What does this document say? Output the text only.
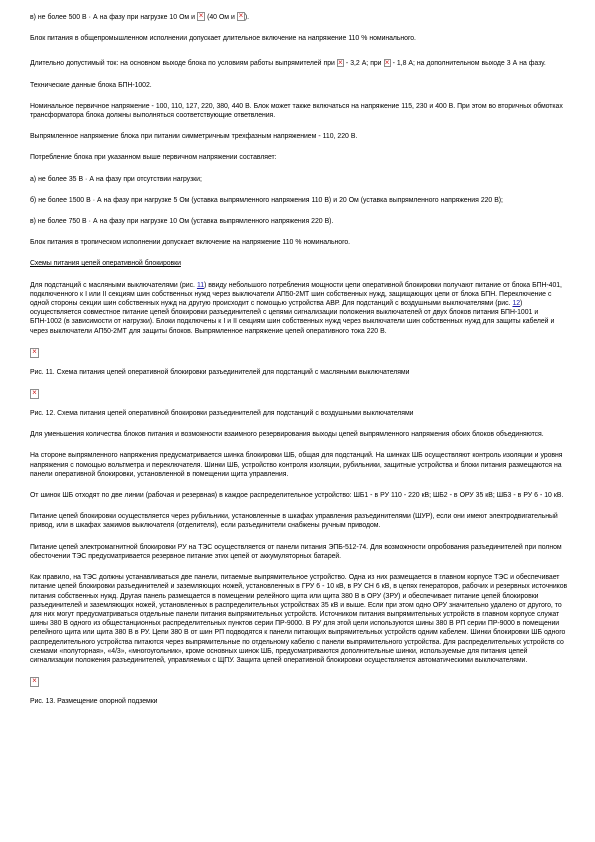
в) не более 500 В · А на фазу при нагрузке 10 Ом и × (40 Ом и × ).

Блок питания в общепромышленном исполнении допускает длительное включение на напряжение 110 % номинального.

Длительно допустимый ток: на основном выходе блока по условиям работы выпрямителей при × - 3,2 А; при × - 1,8 А; на дополнительном выходе 3 А на фазу.

Технические данные блока БПН-1002.

Номинальное первичное напряжение - 100, 110, 127, 220, 380, 440 В. Блок может также включаться на напряжение 115, 230 и 400 В. При этом во вторичных обмотках трансформатора блока должны выполняться соответствующие ответвления.

Выпрямленное напряжение блока при питании симметричным трехфазным напряжением - 110, 220 В.

Потребление блока при указанном выше первичном напряжении составляет:

а) не более 35 В · А на фазу при отсутствии нагрузки;

б) не более 1500 В · А на фазу при нагрузке 5 Ом (уставка выпрямленного напряжения 110 В) и 20 Ом (уставка выпрямленного напряжения 220 В);

в) не более 750 В · А на фазу при нагрузке 10 Ом (уставка выпрямленного напряжения 220 В).

Блок питания в тропическом исполнении допускает включение на напряжение 110 % номинального.

Схемы питания цепей оперативной блокировки

Для подстанций с масляными выключателями (рис. 11) ввиду небольшого потребления мощности цепи оперативной блокировки получают питание от блока БПН-401, подключенного к I или II секциям шин собственных нужд через выключатели АП50-2МТ шин собственных нужд, защищающих цепи от блока БПН. Переключение с одной стороны секции шин собственных нужд на другую происходит с помощью устройства АВР. Для подстанций с воздушными выключателями (рис. 12) осуществляется совместное питание цепей блокировки разъединителей с цепями сигнализации положения выключателей от двух блоков питания БПН-1001 и БПН-1002 (в зависимости от нагрузки). Блоки подключены к I и II секциям шин собственных нужд через выключатели шин собственных нужд для защиты кабелей и через выключатели АП50-2МТ для защиты блоков. Выпрямленное напряжение цепей оперативного тока 220 В.

×

Рис. 11. Схема питания цепей оперативной блокировки разъединителей для подстанций с масляными выключателями

×

Рис. 12. Схема питания цепей оперативной блокировки разъединителей для подстанций с воздушными выключателями

Для уменьшения количества блоков питания и возможности взаимного резервирования выходы цепей выпрямленного напряжения обоих блоков объединяются.

На стороне выпрямленного напряжения предусматривается шинка блокировки ШБ, общая для подстанций. На шинках ШБ осуществляют контроль изоляции и уровня напряжения с помощью вольтметра и переключателя. Шинки ШБ, устройство контроля изоляции, рубильники, защитные устройства и блоки питания размещаются на панели оперативной блокировки, установленной в помещении щита управления.

От шинок ШБ отходят по две линии (рабочая и резервная) в каждое распределительное устройство: ШБ1 - в РУ 110 - 220 кВ; ШБ2 - в ОРУ 35 кВ; ШБ3 - в РУ 6 - 10 кВ.

Питание цепей блокировки осуществляется через рубильники, установленные в шкафах управления разъединителями (ШУР), если они имеют электродвигательный привод, или в шкафах зажимов выключателя (отделителя), если разъединители снабжены ручным приводом.

Питание цепей электромагнитной блокировки РУ на ТЭС осуществляется от панели питания ЭПБ-512-74. Для возможности опробования разъединителей при полном обесточении ТЭС предусматривается резервное питание этих цепей от аккумуляторных батарей.

Как правило, на ТЭС должны устанавливаться две панели, питаемые выпрямительное устройство. Одна из них размещается в главном корпусе ТЭС и обеспечивает питание цепей блокировки разъединителей и заземляющих ножей, установленных в ГРУ 6 - 10 кВ, в РУ СН 6 кВ, в цепях генераторов, рабочих и резервных источников питания собственных нужд. Другая панель размещается в помещении релейного щита или щита 380 В в ОРУ (ЗРУ) и обеспечивает питание цепей блокировки разъединителей и заземляющих ножей, установленных в распределительных устройствах 35 кВ и выше. Если при этом одно ОРУ значительно удалено от другого, то для них могут предусматриваться отдельные панели питания выпрямительных устройств. Источником питания выпрямительных устройств в главном корпусе служат шины 380 В одного из общестанционных распределительных пунктов серии ПР-9000. В РУ для этой цели используются шины 380 В РП серии ПР-9000 в помещении релейного щита или щита 380 В в РУ. Цепи 380 В от шин РП подводятся к панели питающих выпрямительных устройств одним кабелем. Шинки блокировки ШБ одного распределительного устройства питаются через выпрямительные по отдельному кабелю с панели выпрямительного устройства. Для распределительных устройств со схемами «полуторная», «4/3», «многоугольник», кроме основных шинок ШБ, предусматриваются дополнительные шинки, используемые для питания цепей сигнализации положения разъединителей, управляемых с ЩПУ. Защита цепей оперативной блокировки осуществляется автоматическими выключателями.

×

Рис. 13. Размещение опорной подземки
